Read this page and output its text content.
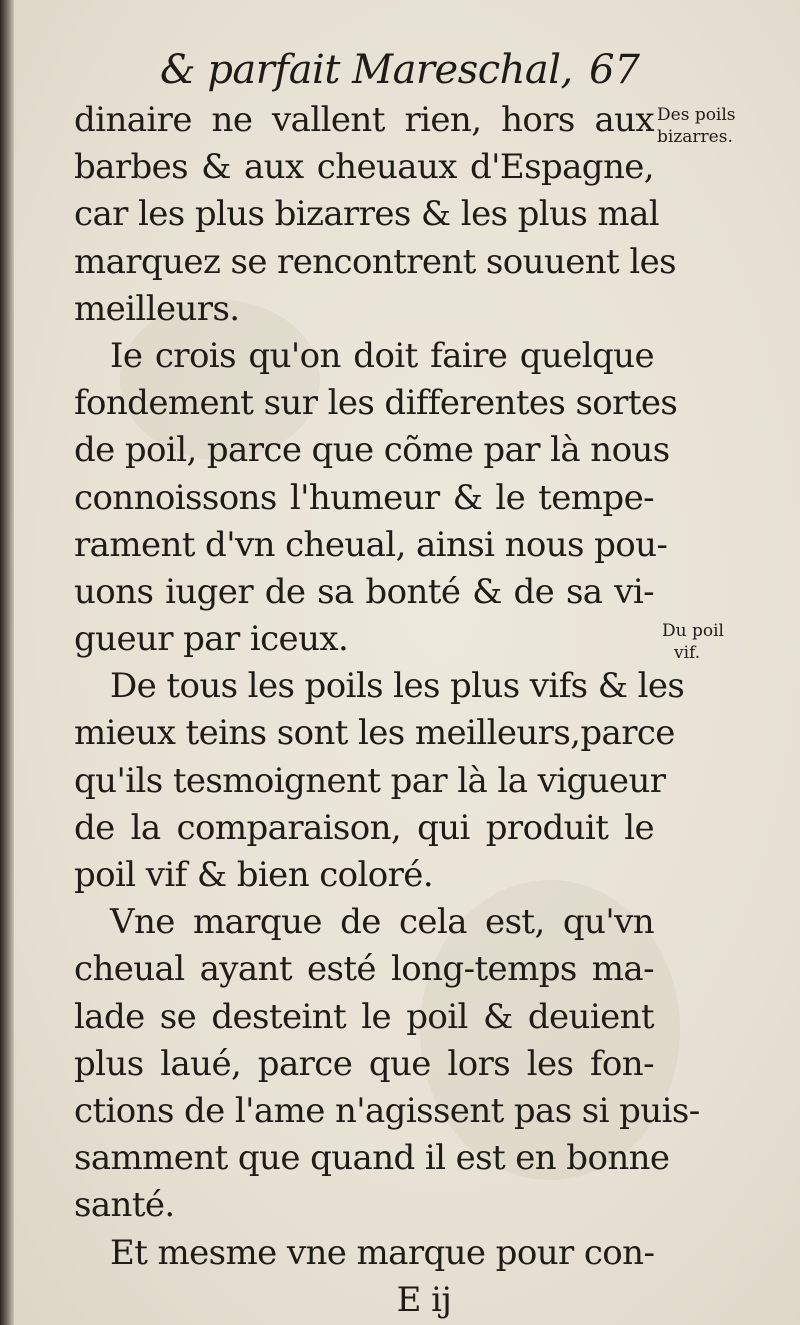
& parfait Mareschal, 67
dinaire ne vallent rien, hors aux
barbes & aux cheuaux d'Espagne,
car les plus bizarres & les plus mal
marquez se rencontrent souuent les
meilleurs.
Ie crois qu'on doit faire quelque
fondement sur les differentes sortes
de poil, parce que cõme par là nous
connoissons l'humeur & le tempe-
rament d'vn cheual, ainsi nous pou-
uons iuger de sa bonté & de sa vi-
gueur par iceux.
De tous les poils les plus vifs & les
mieux teins sont les meilleurs,parce
qu'ils tesmoignent par là la vigueur
de la comparaison, qui produit le
poil vif & bien coloré.
Vne marque de cela est, qu'vn
cheual ayant esté long-temps ma-
lade se desteint le poil & deuient
plus laué, parce que lors les fon-
ctions de l'ame n'agissent pas si puis-
samment que quand il est en bonne
santé.
Et mesme vne marque pour con-
E ij
Des poils
bizarres.
Du poil
vif.
